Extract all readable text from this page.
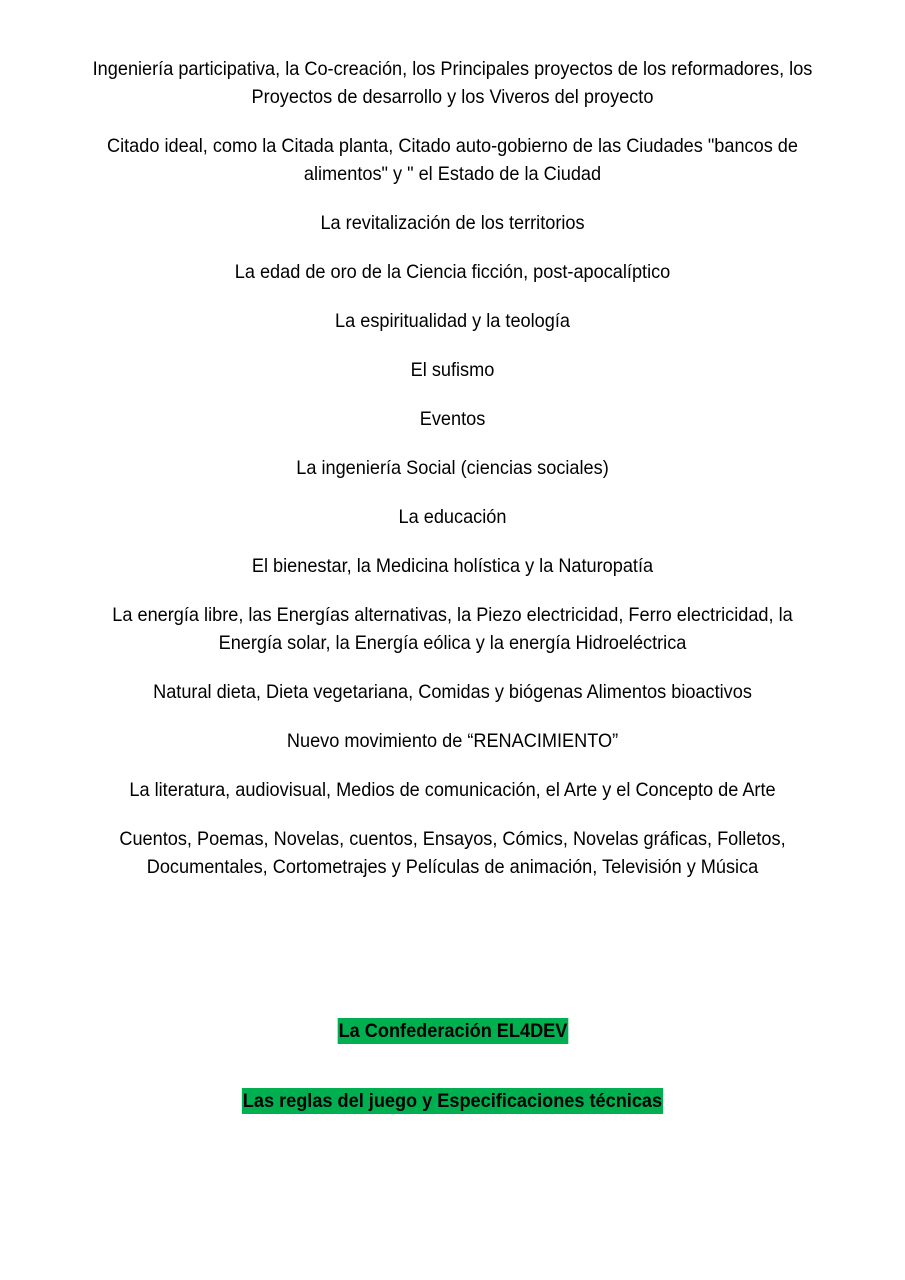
Ingeniería participativa, la Co-creación, los Principales proyectos de los reformadores, los Proyectos de desarrollo y los Viveros del proyecto
Citado ideal, como la Citada planta, Citado auto-gobierno de las Ciudades "bancos de alimentos" y " el Estado de la Ciudad
La revitalización de los territorios
La edad de oro de la Ciencia ficción, post-apocalíptico
La espiritualidad y la teología
El sufismo
Eventos
La ingeniería Social (ciencias sociales)
La educación
El bienestar, la Medicina holística y la Naturopatía
La energía libre, las Energías alternativas, la Piezo electricidad, Ferro electricidad, la Energía solar, la Energía eólica y la energía Hidroeléctrica
Natural dieta, Dieta vegetariana, Comidas y biógenas Alimentos bioactivos
Nuevo movimiento de “RENACIMIENTO”
La literatura, audiovisual, Medios de comunicación, el Arte y el Concepto de Arte
Cuentos, Poemas, Novelas, cuentos, Ensayos, Cómics, Novelas gráficas, Folletos, Documentales, Cortometrajes y Películas de animación, Televisión y Música
La Confederación EL4DEV
Las reglas del juego y Especificaciones técnicas
